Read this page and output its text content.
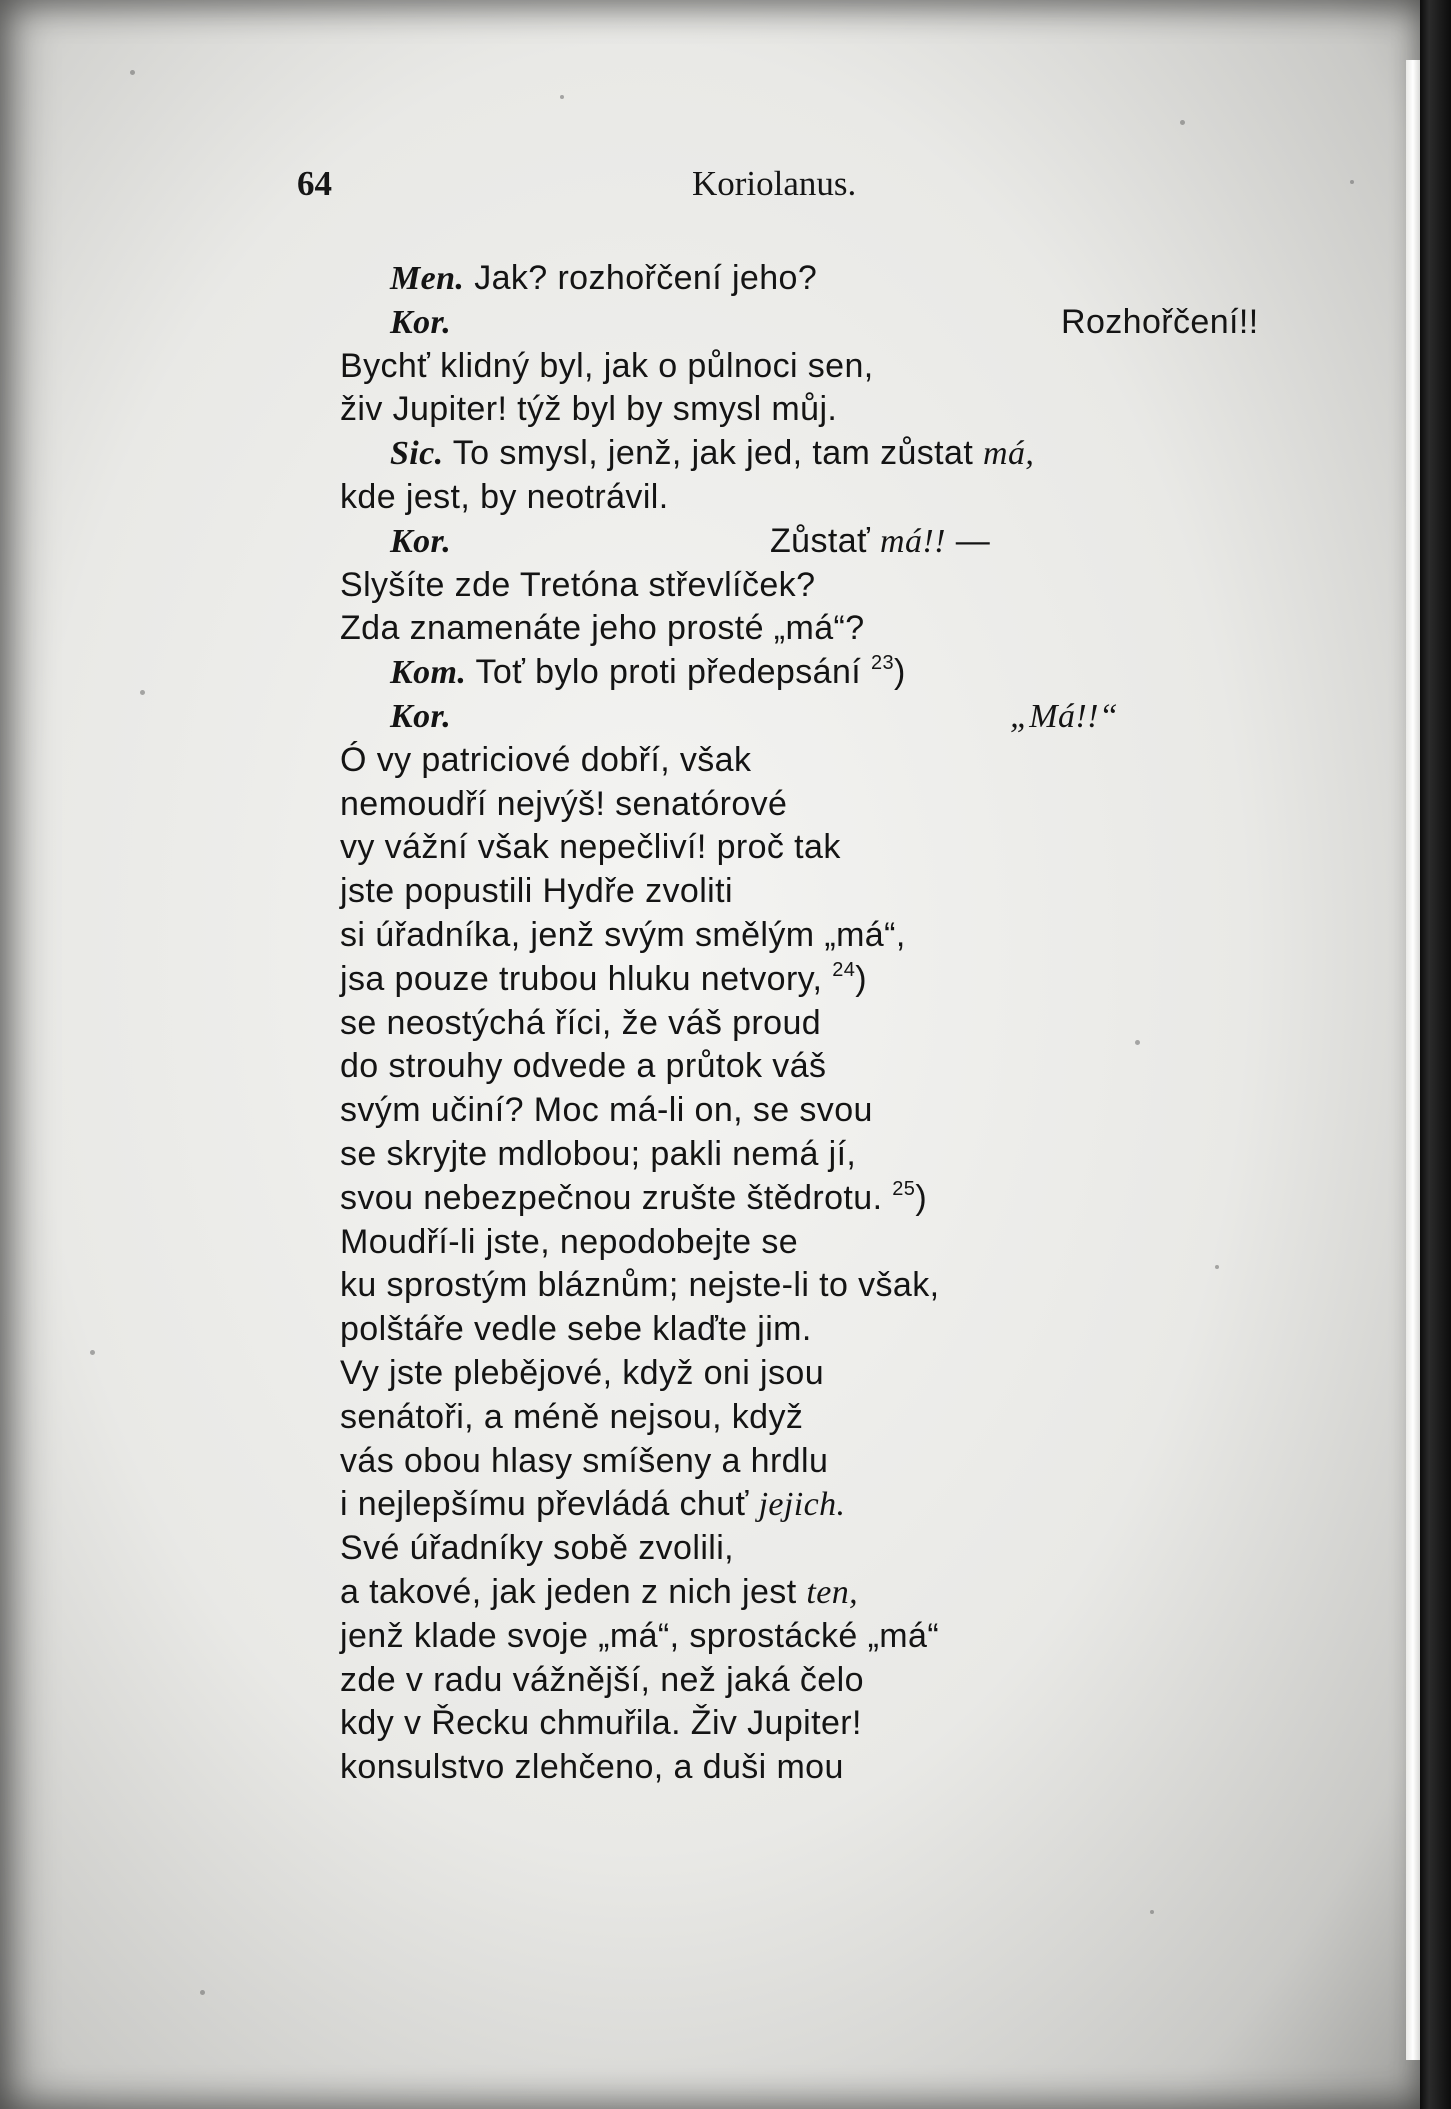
64	Koriolanus.
Men. Jak? rozhořčení jeho?
Kor.	Rozhořčení!!
Bychť klidný byl, jak o půlnoci sen,
živ Jupiter! týž byl by smysl můj.
Sic. To smysl, jenž, jak jed, tam zůstat má,
kde jest, by neotrávil.
Kor.	Zůstať má!! —
Slyšíte zde Tretóna střevlíček?
Zda znamenáte jeho prosté „má“?
Kom. Toť bylo proti předepsání $^{23}$)
Kor.	„Má!!“
Ó vy patriciové dobří, však
nemoudří nejvýš! senatórové
vy vážní však nepečliví! proč tak
jste popustili Hydře zvoliti
si úřadníka, jenž svým smělým „má“,
jsa pouze trubou hluku netvory, $^{24}$)
se neostýchá říci, že váš proud
do strouhy odvede a průtok váš
svým učiní? Moc má-li on, se svou
se skryjte mdlobou; pakli nemá jí,
svou nebezpečnou zrušte štědrotu. $^{25}$)
Moudří-li jste, nepodobejte se
ku sprostým bláznům; nejste-li to však,
polštáře vedle sebe klaďte jim.
Vy jste plebějové, když oni jsou
senátoři, a méně nejsou, když
vás obou hlasy smíšeny a hrdlu
i nejlepšímu převládá chuť jejich.
Své úřadníky sobě zvolili,
a takové, jak jeden z nich jest ten,
jenž klade svoje „má“, sprostácké „má“
zde v radu vážnější, než jaká čelo
kdy v Řecku chmuřila. Živ Jupiter!
konsulstvo zlehčeno, a duši mou
